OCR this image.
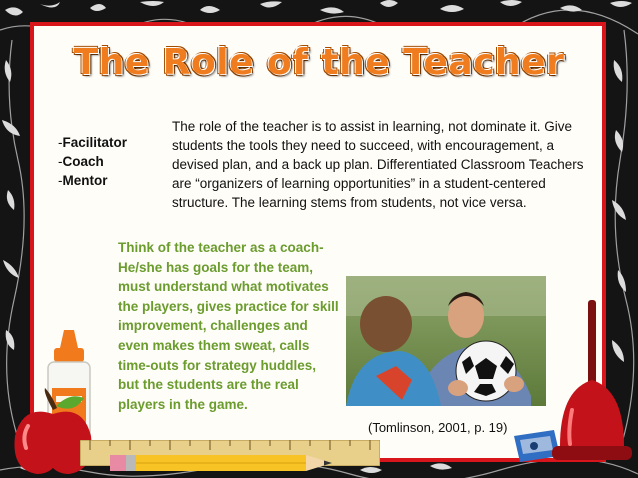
The Role of the Teacher
-Facilitator
-Coach
-Mentor
The role of the teacher is to assist in learning, not dominate it. Give students the tools they need to succeed, with encouragement, a devised plan, and a back up plan. Differentiated Classroom Teachers are “organizers of learning opportunities” in a student-centered structure. The learning stems from students, not vice versa.
Think of the teacher as a coach- He/she has goals for the team, must understand what motivates the players, gives practice for skill improvement, challenges and even makes them sweat, calls time-outs for strategy huddles, but the students are the real players in the game.
(Tomlinson, 2001, p. 19)
